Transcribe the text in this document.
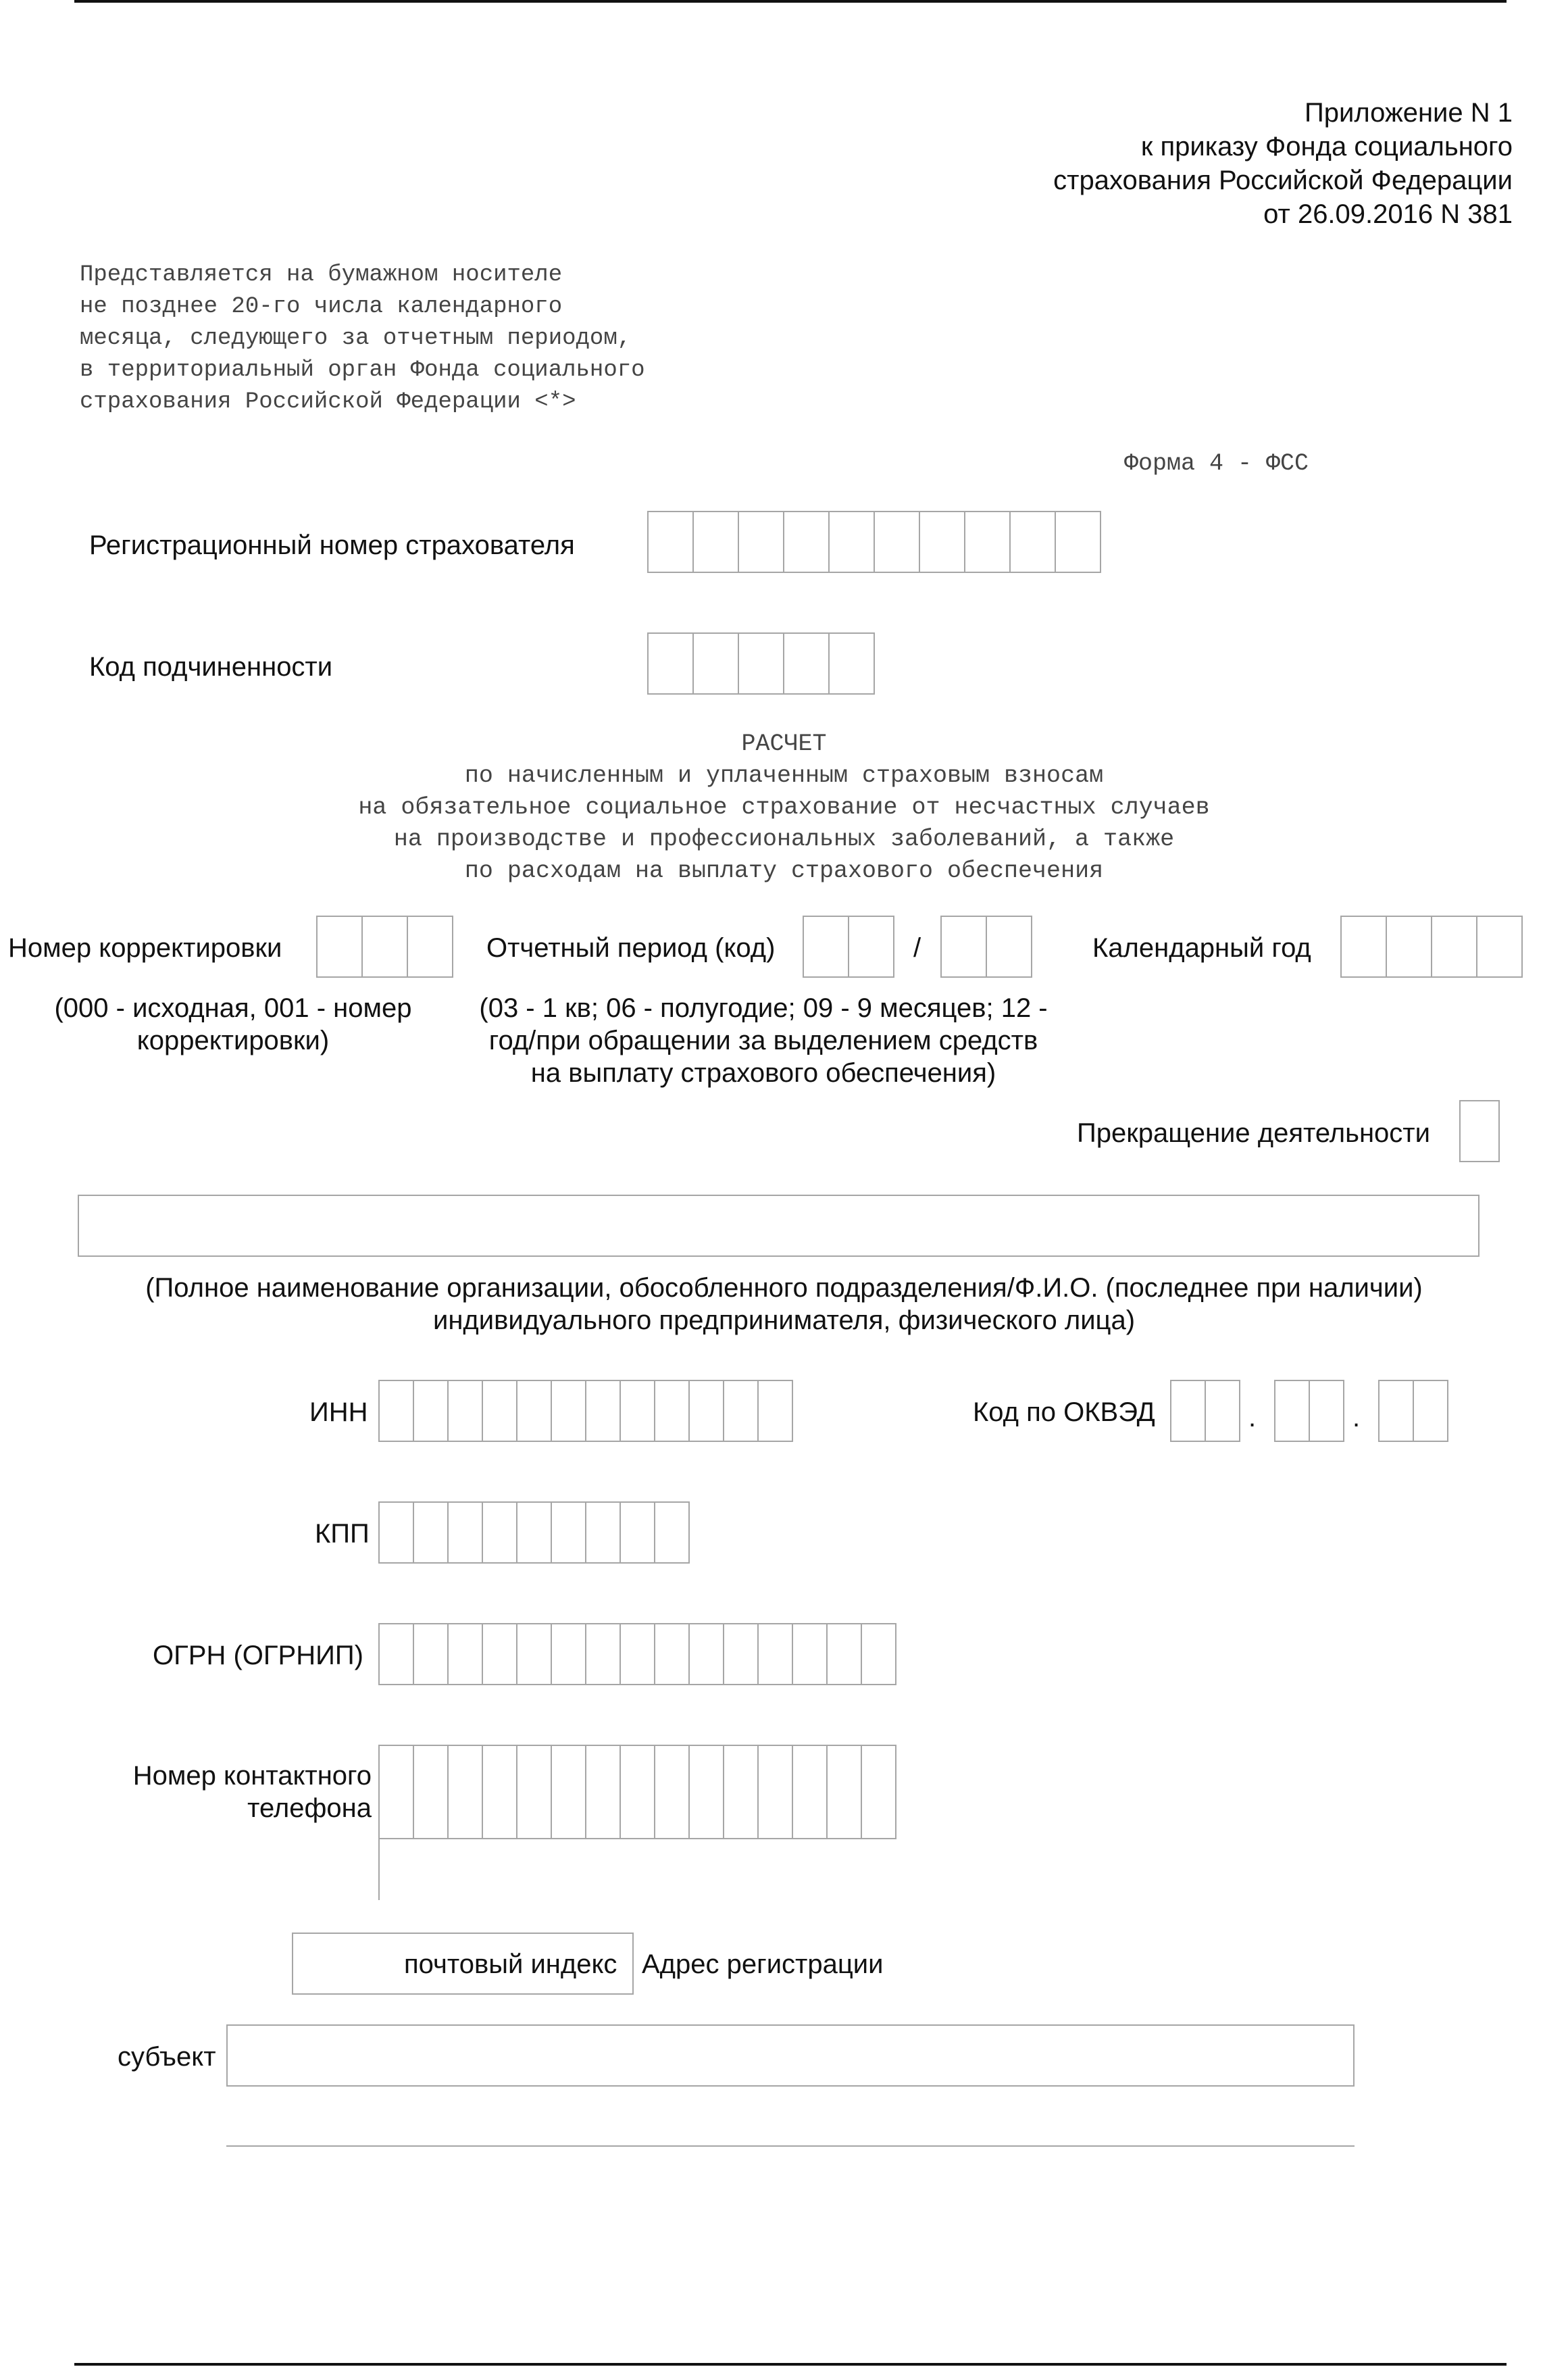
Приложение N 1
к приказу Фонда социального
страхования Российской Федерации
от 26.09.2016 N 381
Представляется на бумажном носителе
не позднее 20-го числа календарного
месяца, следующего за отчетным периодом,
в территориальный орган Фонда социального
страхования Российской Федерации <*>
Форма 4 - ФСС
Регистрационный номер страхователя
Код подчиненности
РАСЧЕТ
по начисленным и уплаченным страховым взносам
на обязательное социальное страхование от несчастных случаев
на производстве и профессиональных заболеваний, а также
по расходам на выплату страхового обеспечения
Номер корректировки
(000 - исходная, 001 - номер
корректировки)
Отчетный период (код)	/
(03 - 1 кв; 06 - полугодие; 09 - 9 месяцев; 12 -
год/при обращении за выделением средств
на выплату страхового обеспечения)
Календарный год
Прекращение деятельности
(Полное наименование организации, обособленного подразделения/Ф.И.О. (последнее при наличии)
индивидуального предпринимателя, физического лица)
ИНН	Код по ОКВЭД	.	.
КПП
ОГРН (ОГРНИП)
Номер контактного
телефона
почтовый индекс Адрес регистрации
субъект
